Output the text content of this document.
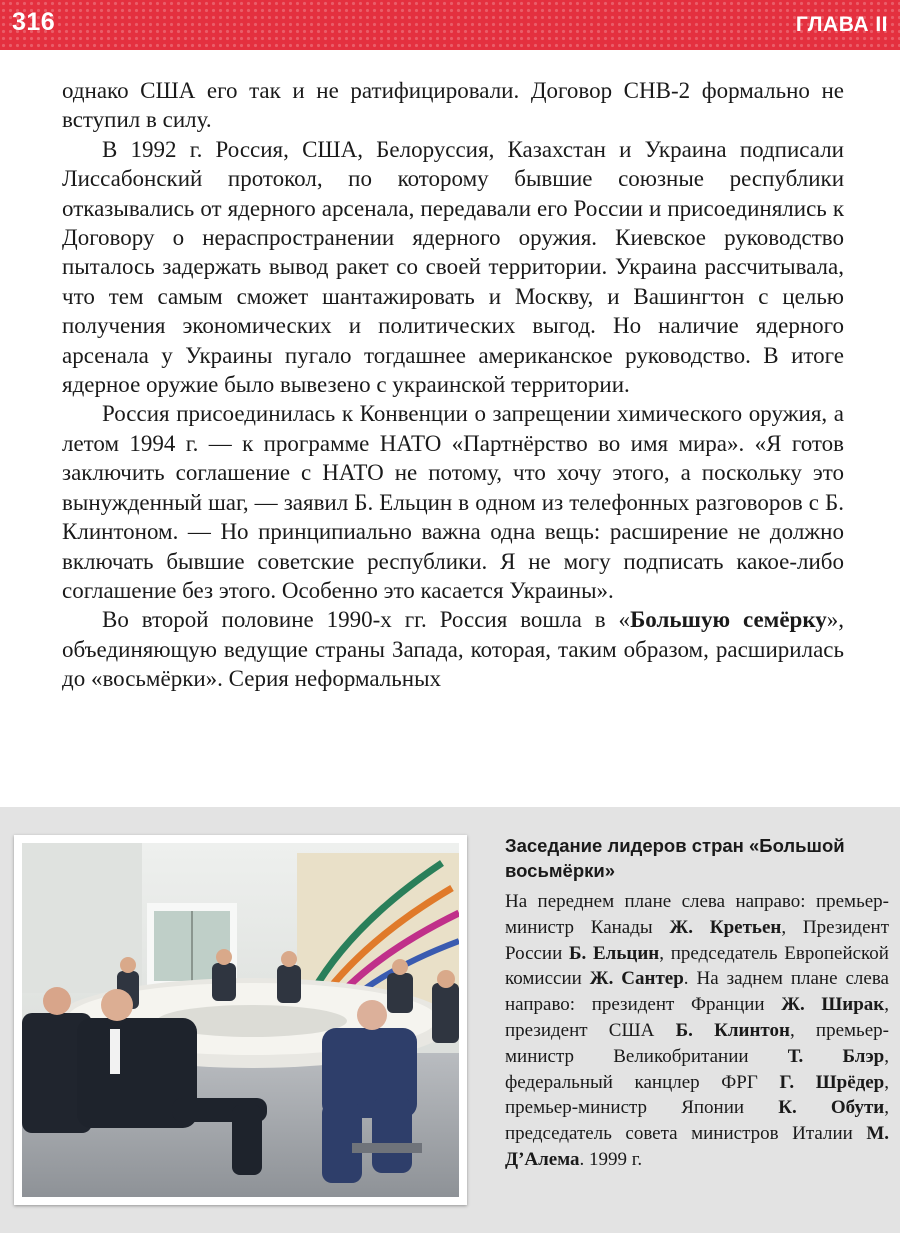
316	ГЛАВА II

однако США его так и не ратифицировали. Договор СНВ-2 формально не вступил в силу.

В 1992 г. Россия, США, Белоруссия, Казахстан и Украина подписали Лиссабонский протокол, по которому бывшие союзные республики отказывались от ядерного арсенала, передавали его России и присоединялись к Договору о нераспространении ядерного оружия. Киевское руководство пыталось задержать вывод ракет со своей территории. Украина рассчитывала, что тем самым сможет шантажировать и Москву, и Вашингтон с целью получения экономических и политических выгод. Но наличие ядерного арсенала у Украины пугало тогдашнее американское руководство. В итоге ядерное оружие было вывезено с украинской территории.

Россия присоединилась к Конвенции о запрещении химического оружия, а летом 1994 г. — к программе НАТО «Партнёрство во имя мира». «Я готов заключить соглашение с НАТО не потому, что хочу этого, а поскольку это вынужденный шаг, — заявил Б. Ельцин в одном из телефонных разговоров с Б. Клинтоном. — Но принципиально важна одна вещь: расширение не должно включать бывшие советские республики. Я не могу подписать какое-либо соглашение без этого. Особенно это касается Украины».

Во второй половине 1990-х гг. Россия вошла в «Большую семёрку», объединяющую ведущие страны Запада, которая, таким образом, расширилась до «восьмёрки». Серия неформальных

Заседание лидеров стран «Большой восьмёрки»

На переднем плане слева направо: премьер-министр Канады Ж. Кретьен, Президент России Б. Ельцин, председатель Европейской комиссии Ж. Сантер. На заднем плане слева направо: президент Франции Ж. Ширак, президент США Б. Клинтон, премьер-министр Великобритании Т. Блэр, федеральный канцлер ФРГ Г. Шрёдер, премьер-министр Японии К. Обути, председатель совета министров Италии М. Д’Алема. 1999 г.
